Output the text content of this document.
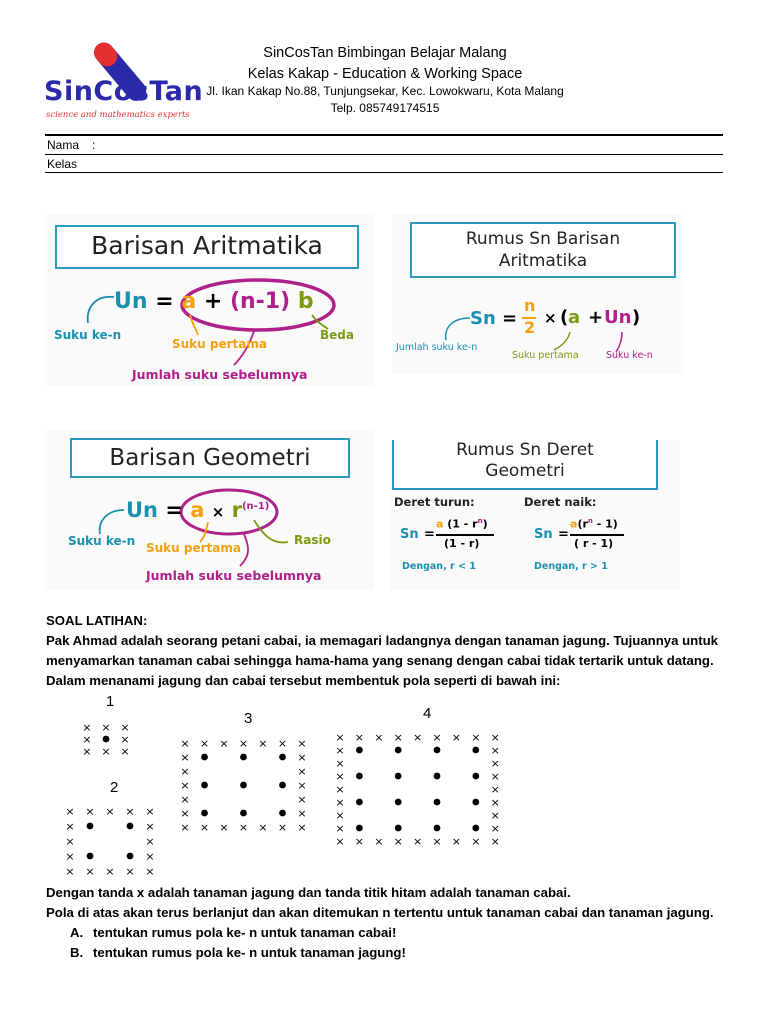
SinCosTan
science and mathematics experts
SinCosTan Bimbingan Belajar Malang
Kelas Kakap - Education & Working Space
Jl. Ikan Kakap No.88, Tunjungsekar, Kec. Lowokwaru, Kota Malang
Telp. 085749174515
Nama :
Kelas
Barisan Aritmatika
Un = a + (n-1) b
Suku ke-n
Suku pertama
Beda
Jumlah suku sebelumnya
Rumus Sn Barisan
Aritmatika
Sn =
n
2 × ( a + Un )
Jumlah suku ke-n
Suku pertama	Suku ke-n
Barisan Geometri
$Un = a \times r^{(n-1)}$
Suku ke-n Suku pertama
Rasio
Jumlah suku sebelumnya
Rumus Sn Deret
Geometri
Deret turun:	Deret naik:
Sn =
a $(1 - r^n)$
(1 - r)
Sn =
$a(r^n - 1)$
( r - 1)
Dengan, r < 1	Dengan, r > 1
SOAL LATIHAN:
Pak Ahmad adalah seorang petani cabai, ia memagari ladangnya dengan tanaman jagung. Tujuannya untuk
menyamarkan tanaman cabai sehingga hama-hama yang senang dengan cabai tidak tertarik untuk datang.
Dalam menanami jagung dan cabai tersebut membentuk pola seperti di bawah ini:
1
× × ×
×	×
× × ×
2
× × × × ×
×	×
×	×
×	×
× × × × ×
3
× × × × × × ×
×	×
×	×
×	×
×	×
×	×
× × × × × × ×
4
× × × × × × × × ×
×	×
×	×
×	×
×	×
×	×
×	×
×	×
× × × × × × × × ×
Dengan tanda x adalah tanaman jagung dan tanda titik hitam adalah tanaman cabai.
Pola di atas akan terus berlanjut dan akan ditemukan n tertentu untuk tanaman cabai dan tanaman jagung.
A. tentukan rumus pola ke- n untuk tanaman cabai!
B. tentukan rumus pola ke- n untuk tanaman jagung!
